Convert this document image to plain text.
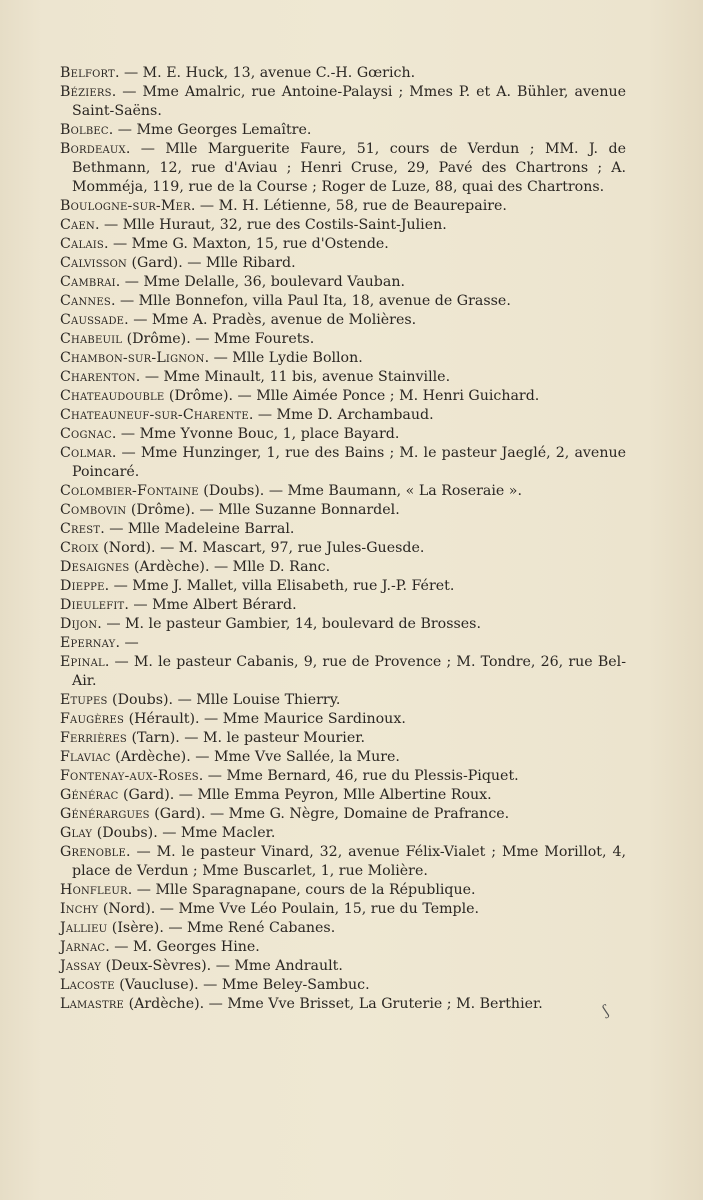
Belfort. — M. E. Huck, 13, avenue C.-H. Gœrich.

Béziers. — Mme Amalric, rue Antoine-Palaysi ; Mmes P. et A. Bühler, avenue Saint-Saëns.

Bolbec. — Mme Georges Lemaître.

Bordeaux. — Mlle Marguerite Faure, 51, cours de Verdun ; MM. J. de Bethmann, 12, rue d'Aviau ; Henri Cruse, 29, Pavé des Chartrons ; A. Momméja, 119, rue de la Course ; Roger de Luze, 88, quai des Chartrons.

Boulogne-sur-Mer. — M. H. Létienne, 58, rue de Beaurepaire.

Caen. — Mlle Huraut, 32, rue des Costils-Saint-Julien.

Calais. — Mme G. Maxton, 15, rue d'Ostende.

Calvisson (Gard). — Mlle Ribard.

Cambrai. — Mme Delalle, 36, boulevard Vauban.

Cannes. — Mlle Bonnefon, villa Paul Ita, 18, avenue de Grasse.

Caussade. — Mme A. Pradès, avenue de Molières.

Chabeuil (Drôme). — Mme Fourets.

Chambon-sur-Lignon. — Mlle Lydie Bollon.

Charenton. — Mme Minault, 11 bis, avenue Stainville.

Chateaudouble (Drôme). — Mlle Aimée Ponce ; M. Henri Guichard.

Chateauneuf-sur-Charente. — Mme D. Archambaud.

Cognac. — Mme Yvonne Bouc, 1, place Bayard.

Colmar. — Mme Hunzinger, 1, rue des Bains ; M. le pasteur Jaeglé, 2, avenue Poincaré.

Colombier-Fontaine (Doubs). — Mme Baumann, « La Roseraie ».

Combovin (Drôme). — Mlle Suzanne Bonnardel.

Crest. — Mlle Madeleine Barral.

Croix (Nord). — M. Mascart, 97, rue Jules-Guesde.

Desaignes (Ardèche). — Mlle D. Ranc.

Dieppe. — Mme J. Mallet, villa Elisabeth, rue J.-P. Féret.

Dieulefit. — Mme Albert Bérard.

Dijon. — M. le pasteur Gambier, 14, boulevard de Brosses.

Epernay. —

Epinal. — M. le pasteur Cabanis, 9, rue de Provence ; M. Tondre, 26, rue Bel-Air.

Etupes (Doubs). — Mlle Louise Thierry.

Faugères (Hérault). — Mme Maurice Sardinoux.

Ferrières (Tarn). — M. le pasteur Mourier.

Flaviac (Ardèche). — Mme Vve Sallée, la Mure.

Fontenay-aux-Roses. — Mme Bernard, 46, rue du Plessis-Piquet.

Générac (Gard). — Mlle Emma Peyron, Mlle Albertine Roux.

Générargues (Gard). — Mme G. Nègre, Domaine de Prafrance.

Glay (Doubs). — Mme Macler.

Grenoble. — M. le pasteur Vinard, 32, avenue Félix-Vialet ; Mme Morillot, 4, place de Verdun ; Mme Buscarlet, 1, rue Molière.

Honfleur. — Mlle Sparagnapane, cours de la République.

Inchy (Nord). — Mme Vve Léo Poulain, 15, rue du Temple.

Jallieu (Isère). — Mme René Cabanes.

Jarnac. — M. Georges Hine.

Jassay (Deux-Sèvres). — Mme Andrault.

Lacoste (Vaucluse). — Mme Beley-Sambuc.

Lamastre (Ardèche). — Mme Vve Brisset, La Gruterie ; M. Berthier.	ʃ
